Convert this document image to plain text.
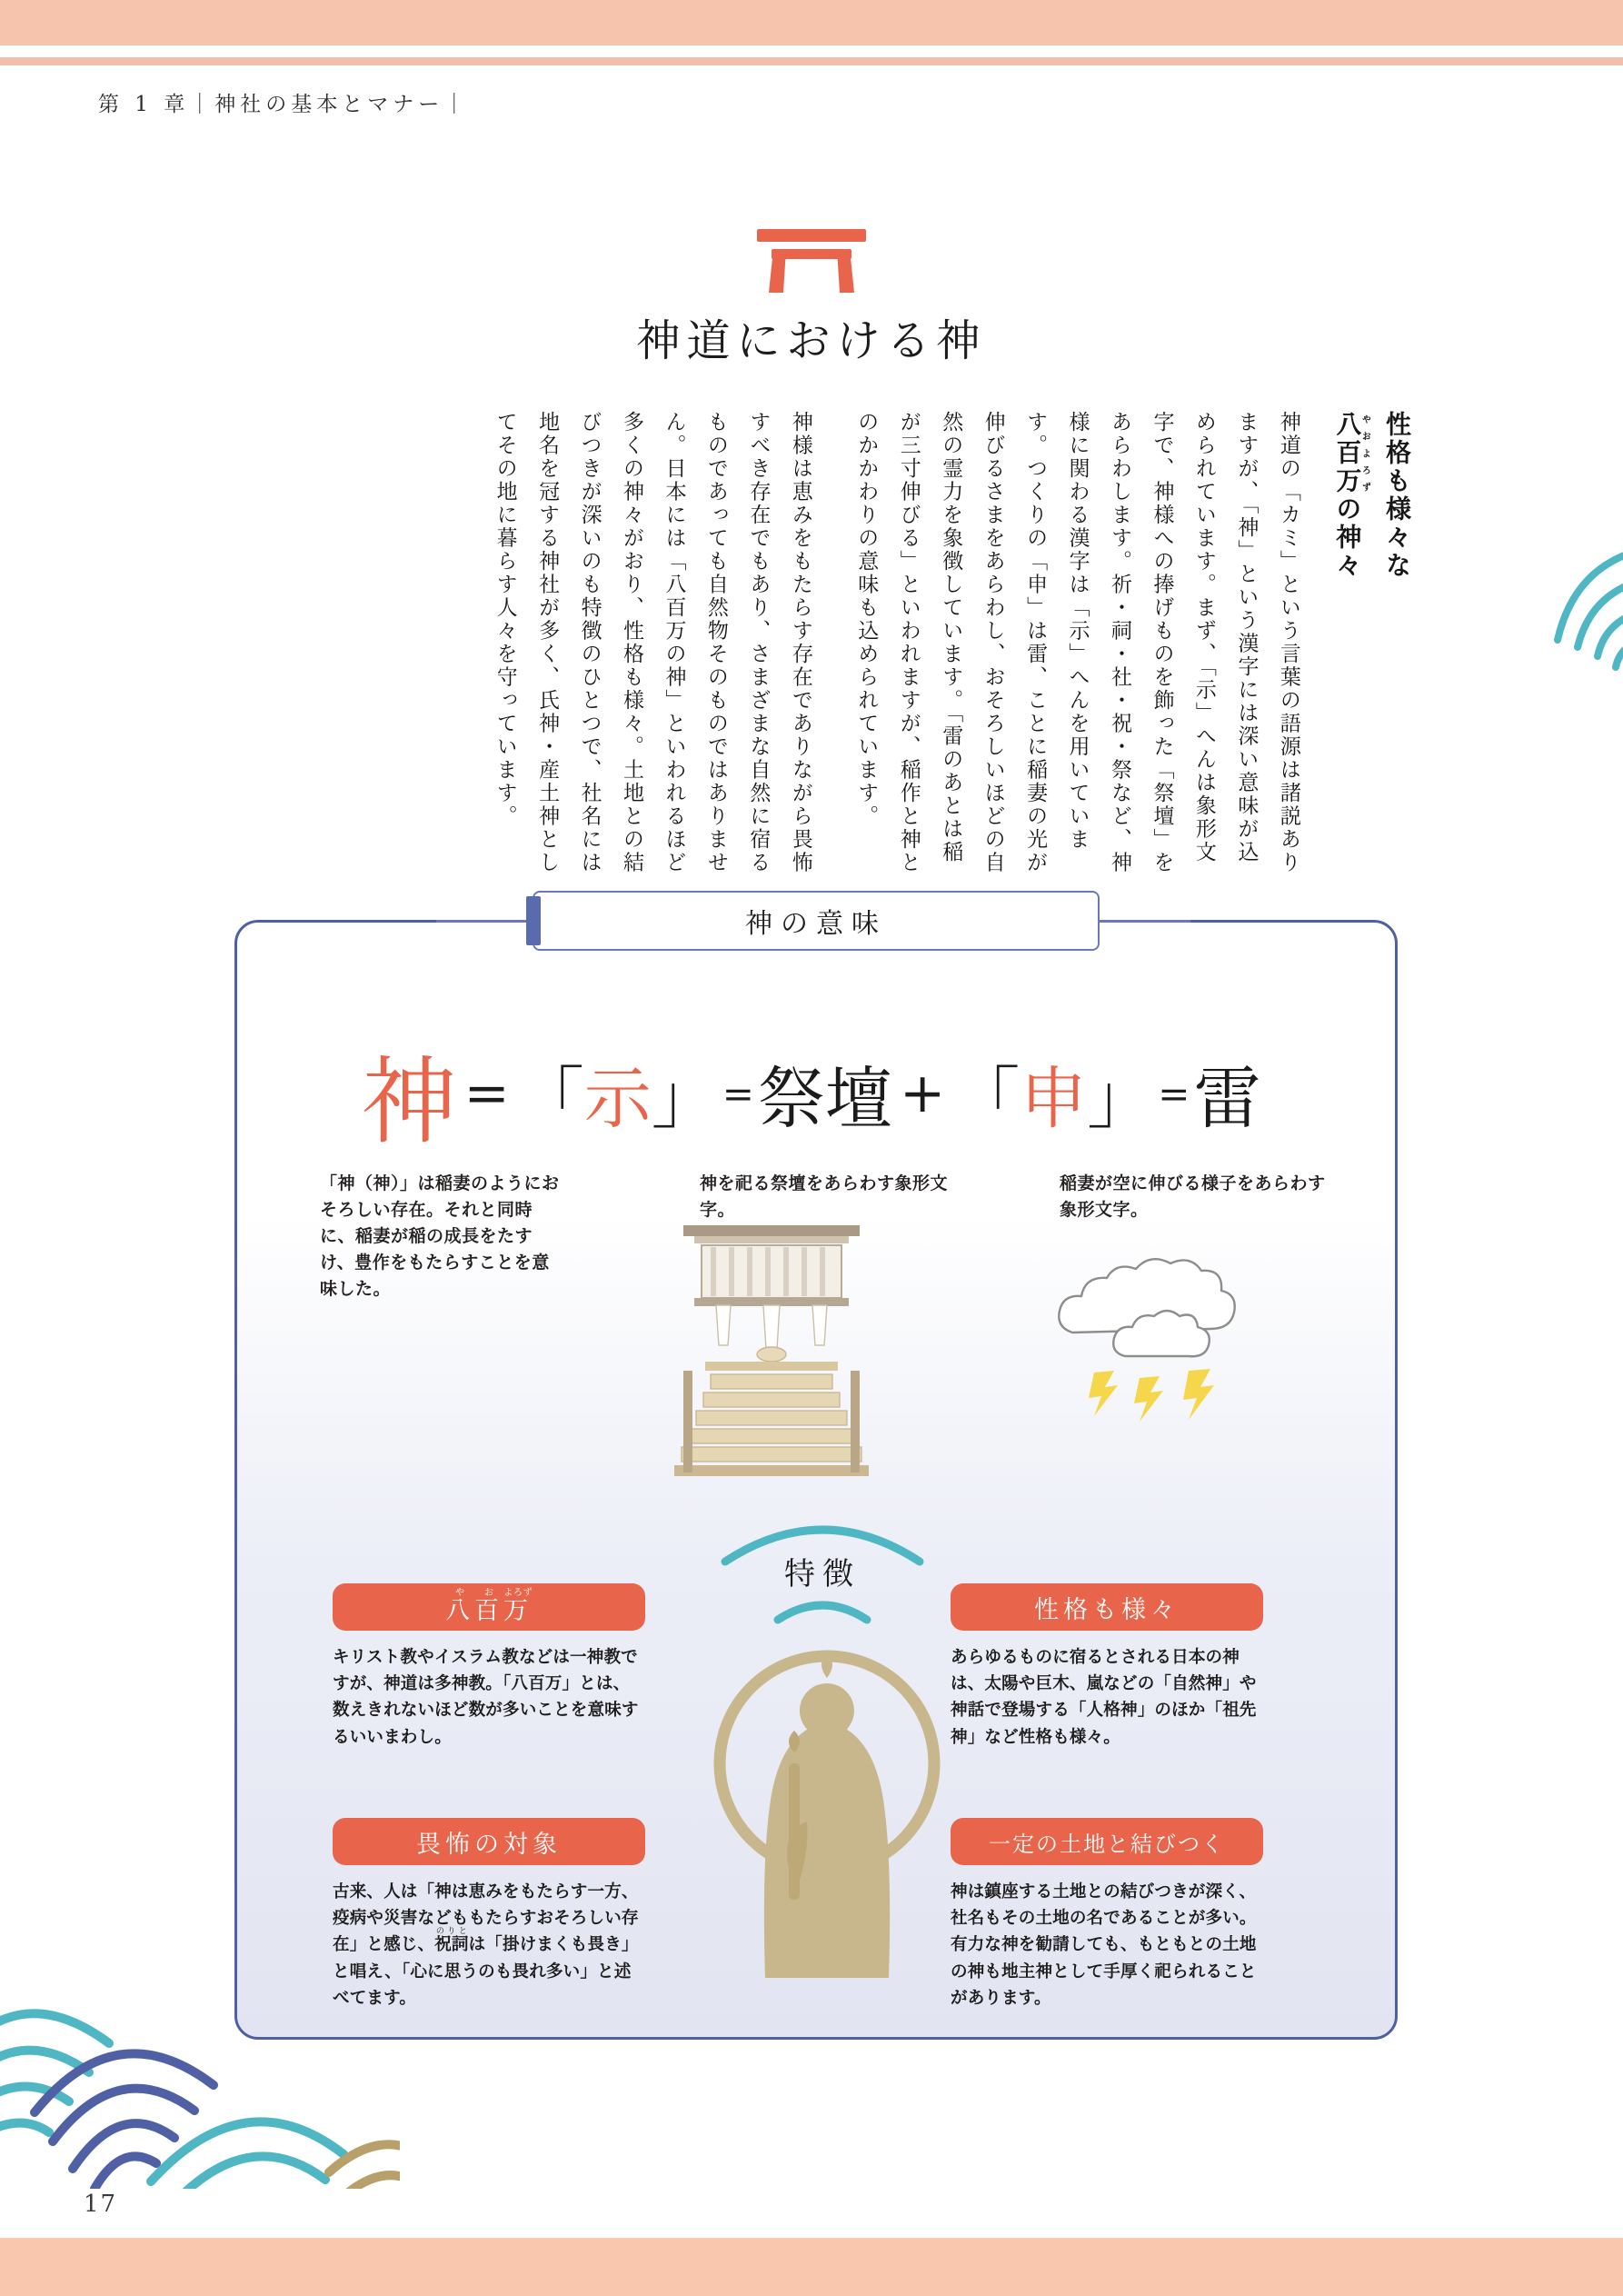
第 1 章｜神社の基本とマナー｜
神道における神
性格も様々な
八百万やおよろずの神々
神道の「カミ」という言葉の語源は諸説ありますが、「神」という漢字には深い意味が込められています。まず、「示」へんは象形文字で、神様への捧げものを飾った「祭壇」をあらわします。祈・祠・社・祝・祭など、神様に関わる漢字は「示」へんを用いています。つくりの「申」は雷、ことに稲妻の光が伸びるさまをあらわし、おそろしいほどの自然の霊力を象徴しています。「雷のあとは稲が三寸伸びる」といわれますが、稲作と神とのかかわりの意味も込められています。
神様は恵みをもたらす存在でありながら畏怖すべき存在でもあり、さまざまな自然に宿るものであっても自然物そのものではありません。日本には「八百万の神」といわれるほど多くの神々がおり、性格も様々。土地との結びつきが深いのも特徴のひとつで、社名には地名を冠する神社が多く、氏神・産土神としてその地に暮らす人々を守っています。
神の意味
神 = 「示」=祭壇 + 「申」=雷
「神（神）」は稲妻のようにおそろしい存在。それと同時に、稲妻が稲の成長をたすけ、豊作をもたらすことを意味した。
神を祀る祭壇をあらわす象形文字。
稲妻が空に伸びる様子をあらわす象形文字。
特徴
八や百お万よろず
キリスト教やイスラム教などは一神教ですが、神道は多神教。「八百万」とは、数えきれないほど数が多いことを意味するいいまわし。
性格も様々
あらゆるものに宿るとされる日本の神は、太陽や巨木、嵐などの「自然神」や神話で登場する「人格神」のほか「祖先神」など性格も様々。
畏怖の対象
古来、人は「神は恵みをもたらす一方、疫病や災害などももたらすおそろしい存在」と感じ、祝詞のりとは「掛けまくも畏き」と唱え、「心に思うのも畏れ多い」と述べてます。
一定の土地と結びつく
神は鎮座する土地との結びつきが深く、社名もその土地の名であることが多い。有力な神を勧請しても、もともとの土地の神も地主神として手厚く祀られることがあります。
17
